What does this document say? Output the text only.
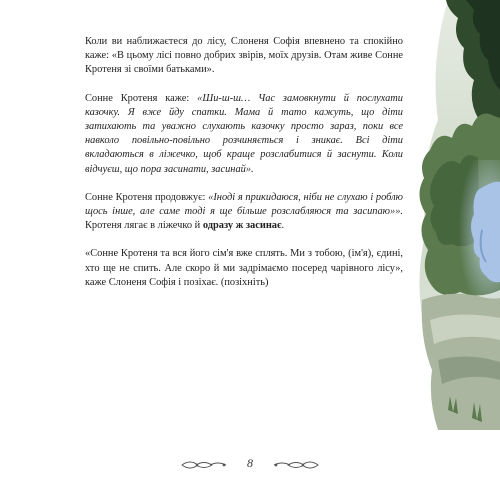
Коли ви наближаєтеся до лісу, Слоненя Софія впевнено та спокійно каже: «В цьому лісі повно добрих звірів, моїх друзів. Отам живе Сонне Кротеня зі своїми батьками».

Сонне Кротеня каже: «Ши-ш-ш… Час замовкнути й послухати казочку. Я вже йду спатки. Мама й тато кажуть, що діти затихають та уважно слухають казочку просто зараз, поки все навколо повільно-повільно розчиняється і зникає. Всі діти вкладаються в ліжечко, щоб краще розслабитися й заснути. Коли відчуєш, що пора засинати, засинай».

Сонне Кротеня продовжує: «Іноді я прикидаюся, ніби не слухаю і роблю щось інше, але саме тоді я ще більше розслабляюся та засипаю»». Кротеня лягає в ліжечко й одразу ж засинає.

«Сонне Кротеня та вся його сім'я вже сплять. Ми з тобою, (ім'я), єдині, хто ще не спить. Але скоро й ми задрімаємо посеред чарівного лісу», каже Слоненя Софія і позіхає. (позіхніть)

8
